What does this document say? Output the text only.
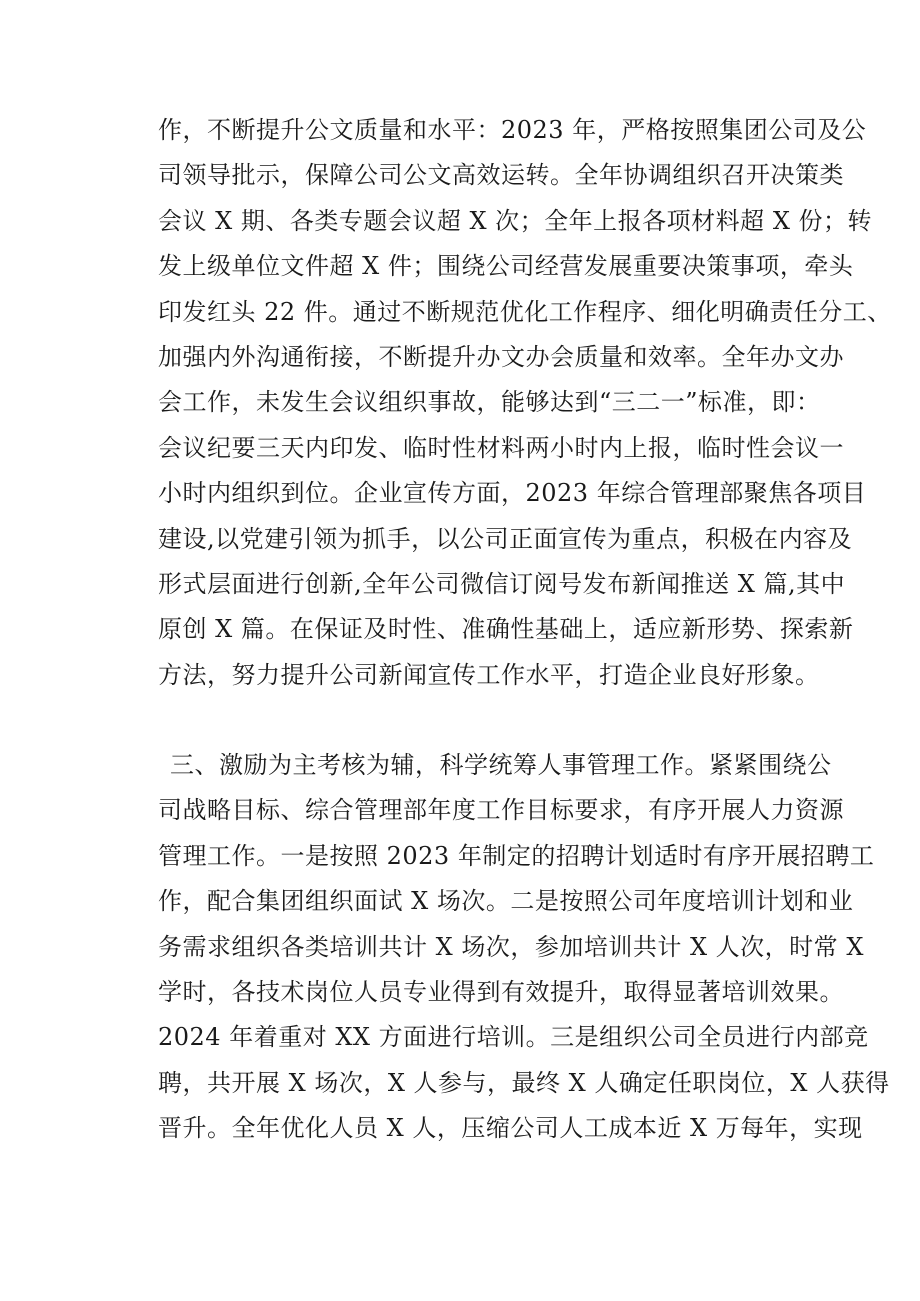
作，不断提升公文质量和水平：2023 年，严格按照集团公司及公
司领导批示，保障公司公文高效运转。全年协调组织召开决策类
会议 X 期、各类专题会议超 X 次；全年上报各项材料超 X 份；转
发上级单位文件超 X 件；围绕公司经营发展重要决策事项，牵头
印发红头 22 件。通过不断规范优化工作程序、细化明确责任分工、
加强内外沟通衔接，不断提升办文办会质量和效率。全年办文办
会工作，未发生会议组织事故，能够达到“三二一”标准，即：
会议纪要三天内印发、临时性材料两小时内上报，临时性会议一
小时内组织到位。企业宣传方面，2023 年综合管理部聚焦各项目
建设,以党建引领为抓手，以公司正面宣传为重点，积极在内容及
形式层面进行创新,全年公司微信订阅号发布新闻推送 X 篇,其中
原创 X 篇。在保证及时性、准确性基础上，适应新形势、探索新
方法，努力提升公司新闻宣传工作水平，打造企业良好形象。
三、激励为主考核为辅，科学统筹人事管理工作。紧紧围绕公
司战略目标、综合管理部年度工作目标要求，有序开展人力资源
管理工作。一是按照 2023 年制定的招聘计划适时有序开展招聘工
作，配合集团组织面试 X 场次。二是按照公司年度培训计划和业
务需求组织各类培训共计 X 场次，参加培训共计 X 人次，时常 X
学时，各技术岗位人员专业得到有效提升，取得显著培训效果。
2024 年着重对 XX 方面进行培训。三是组织公司全员进行内部竞
聘，共开展 X 场次，X 人参与，最终 X 人确定任职岗位，X 人获得
晋升。全年优化人员 X 人，压缩公司人工成本近 X 万每年，实现
